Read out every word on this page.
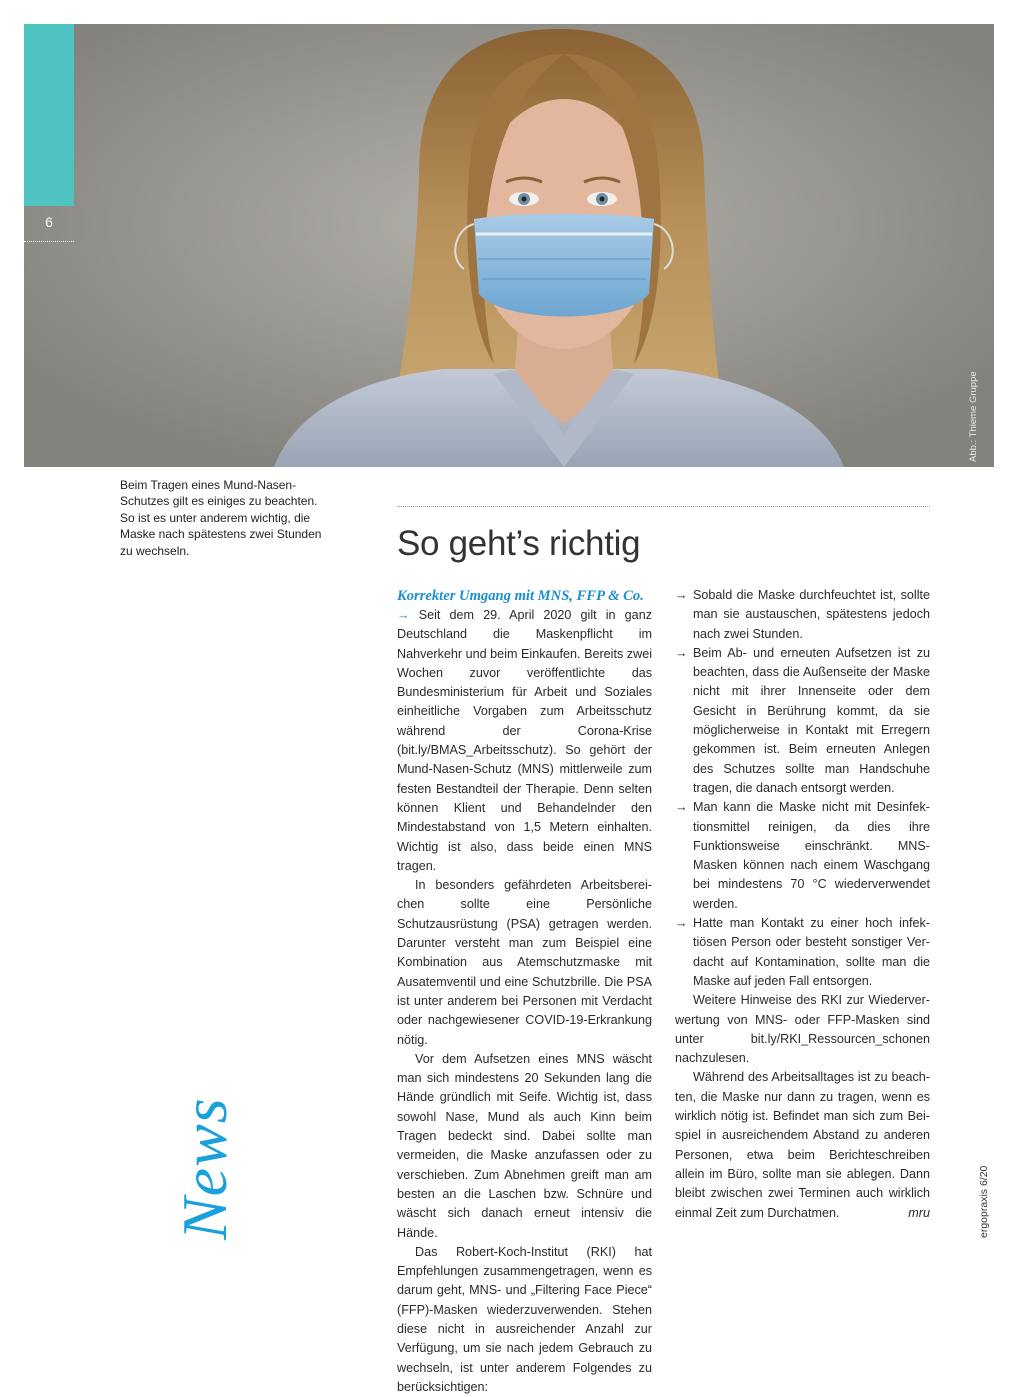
6
Abb.: Thieme Gruppe
Beim Tragen eines Mund-Nasen-Schutzes gilt es einiges zu beachten. So ist es unter anderem wichtig, die Maske nach spätestens zwei Stunden zu wechseln.
News
So geht’s richtig

Korrekter Umgang mit MNS, FFP & Co.

→ Seit dem 29. April 2020 gilt in ganz Deutschland die Maskenpflicht im Nahverkehr und beim Einkaufen. Bereits zwei Wochen zuvor veröffentlichte das Bundesministerium für Arbeit und Soziales einheitliche Vorgaben zum Arbeitsschutz während der Corona-Krise (bit.ly/BMAS_Arbeitsschutz). So gehört der Mund-Nasen-Schutz (MNS) mittlerweile zum festen Bestandteil der Therapie. Denn selten können Klient und Behandelnder den Mindestabstand von 1,5 Metern einhalten. Wichtig ist also, dass beide einen MNS tragen.

In besonders gefährdeten Arbeitsbereichen sollte eine Persönliche Schutzausrüstung (PSA) getragen werden. Darunter versteht man zum Beispiel eine Kombination aus Atemschutzmaske mit Ausatemventil und eine Schutzbrille. Die PSA ist unter anderem bei Personen mit Verdacht oder nachgewiesener COVID-19-Erkrankung nötig.

Vor dem Aufsetzen eines MNS wäscht man sich mindestens 20 Sekunden lang die Hände gründlich mit Seife. Wichtig ist, dass sowohl Nase, Mund als auch Kinn beim Tragen bedeckt sind. Dabei sollte man vermeiden, die Maske anzufassen oder zu verschieben. Zum Abnehmen greift man am besten an die Laschen bzw. Schnüre und wäscht sich danach erneut intensiv die Hände.

Das Robert-Koch-Institut (RKI) hat Empfehlungen zusammengetragen, wenn es darum geht, MNS- und „Filtering Face Piece“ (FFP)-Masken wiederzuverwenden. Stehen diese nicht in ausreichender Anzahl zur Verfügung, um sie nach jedem Gebrauch zu wechseln, ist unter anderem Folgendes zu berücksichtigen:

→ Sobald die Maske durchfeuchtet ist, sollte man sie austauschen, spätestens jedoch nach zwei Stunden.
→ Beim Ab- und erneuten Aufsetzen ist zu beachten, dass die Außenseite der Maske nicht mit ihrer Innenseite oder dem Gesicht in Berührung kommt, da sie möglicherweise in Kontakt mit Erregern gekommen ist. Beim erneuten Anlegen des Schutzes sollte man Handschuhe tragen, die danach entsorgt werden.
→ Man kann die Maske nicht mit Desinfektionsmittel reinigen, da dies ihre Funktionsweise einschränkt. MNS-Masken können nach einem Waschgang bei mindestens 70 °C wiederverwendet werden.
→ Hatte man Kontakt zu einer hoch infektiösen Person oder besteht sonstiger Verdacht auf Kontamination, sollte man die Maske auf jeden Fall entsorgen.

Weitere Hinweise des RKI zur Wiederverwertung von MNS- oder FFP-Masken sind unter bit.ly/RKI_Ressourcen_schonen nachzulesen.

Während des Arbeitsalltages ist zu beachten, die Maske nur dann zu tragen, wenn es wirklich nötig ist. Befindet man sich zum Beispiel in ausreichendem Abstand zu anderen Personen, etwa beim Berichteschreiben allein im Büro, sollte man sie ablegen. Dann bleibt zwischen zwei Terminen auch wirklich einmal Zeit zum Durchatmen.	mru	ergopraxis 6/20
